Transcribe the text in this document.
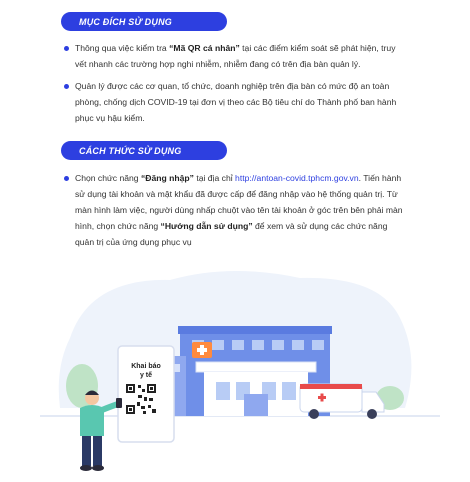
MỤC ĐÍCH SỬ DỤNG
Thông qua việc kiểm tra “Mã QR cá nhân” tại các điểm kiểm soát sẽ phát hiện, truy vết nhanh các trường hợp nghi nhiễm, nhiễm đang có trên địa bàn quản lý.
Quản lý được các cơ quan, tổ chức, doanh nghiệp trên địa bàn có mức độ an toàn phòng, chống dịch COVID-19 tại đơn vị theo các Bộ tiêu chí do Thành phố ban hành phục vụ hậu kiểm.
CÁCH THỨC SỬ DỤNG
Chọn chức năng “Đăng nhập” tại địa chỉ http://antoan-covid.tphcm.gov.vn. Tiến hành sử dụng tài khoản và mật khẩu đã được cấp để đăng nhập vào hệ thống quản trị. Từ màn hình làm việc, người dùng nhấp chuột vào tên tài khoản ở góc trên bên phải màn hình, chọn chức năng “Hướng dẫn sử dụng” để xem và sử dụng các chức năng quản trị của ứng dụng phục vụ
Khai báo
y tế
